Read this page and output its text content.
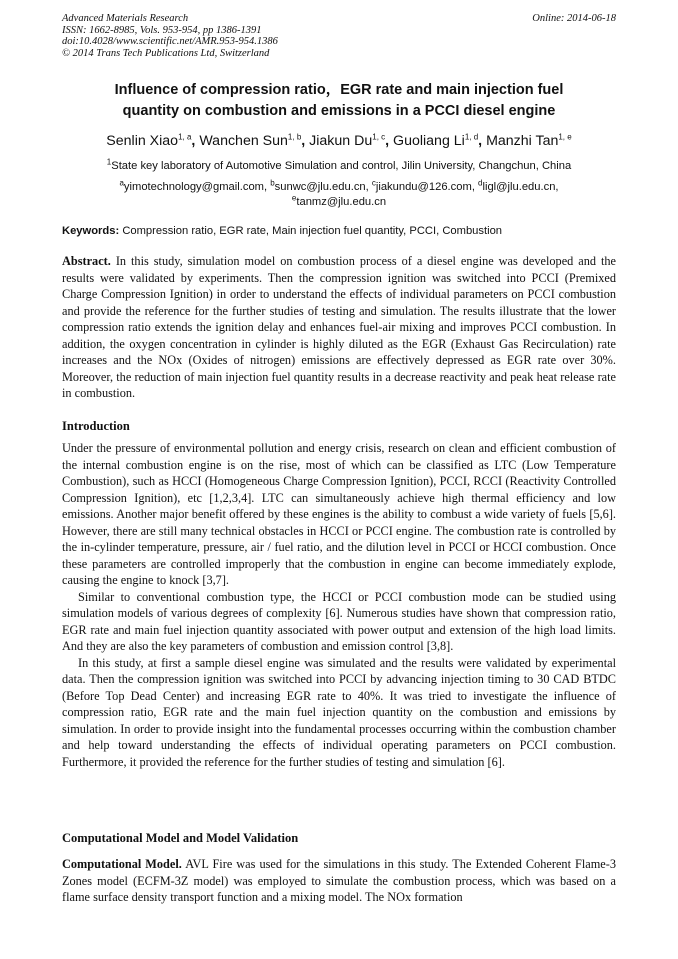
Advanced Materials Research
ISSN: 1662-8985, Vols. 953-954, pp 1386-1391
doi:10.4028/www.scientific.net/AMR.953-954.1386
© 2014 Trans Tech Publications Ltd, Switzerland
Online: 2014-06-18
Influence of compression ratio，EGR rate and main injection fuel
quantity on combustion and emissions in a PCCI diesel engine
Senlin Xiao$^{1, a}$, Wanchen Sun$^{1, b}$, Jiakun Du$^{1, c}$, Guoliang Li$^{1, d}$, Manzhi Tan$^{1, e}$
$^1$State key laboratory of Automotive Simulation and control, Jilin University, Changchun, China
$^a$yimotechnology@gmail.com, $^b$sunwc@jlu.edu.cn, $^c$jiakundu@126.com, $^d$ligl@jlu.edu.cn,
$^e$tanmz@jlu.edu.cn
Keywords: Compression ratio, EGR rate, Main injection fuel quantity, PCCI, Combustion

Abstract. In this study, simulation model on combustion process of a diesel engine was developed and the results were validated by experiments. Then the compression ignition was switched into PCCI (Premixed Charge Compression Ignition) in order to understand the effects of individual parameters on PCCI combustion and provide the reference for the further studies of testing and simulation. The results illustrate that the lower compression ratio extends the ignition delay and enhances fuel-air mixing and improves PCCI combustion. In addition, the oxygen concentration in cylinder is highly diluted as the EGR (Exhaust Gas Recirculation) rate increases and the NOx (Oxides of nitrogen) emissions are effectively depressed as EGR rate over 30%. Moreover, the reduction of main injection fuel quantity results in a decrease reactivity and peak heat release rate in combustion.

Introduction

Under the pressure of environmental pollution and energy crisis, research on clean and efficient combustion of the internal combustion engine is on the rise, most of which can be classified as LTC (Low Temperature Combustion), such as HCCI (Homogeneous Charge Compression Ignition), PCCI, RCCI (Reactivity Controlled Compression Ignition), etc [1,2,3,4]. LTC can simultaneously achieve high thermal efficiency and low emissions. Another major benefit offered by these engines is the ability to combust a wide variety of fuels [5,6]. However, there are still many technical obstacles in HCCI or PCCI engine. The combustion rate is controlled by the in-cylinder temperature, pressure, air / fuel ratio, and the dilution level in PCCI or HCCI combustion. Once these parameters are controlled improperly that the combustion in engine can become immediately explode, causing the engine to knock [3,7].

Similar to conventional combustion type, the HCCI or PCCI combustion mode can be studied using simulation models of various degrees of complexity [6]. Numerous studies have shown that compression ratio, EGR rate and main fuel injection quantity associated with power output and extension of the high load limits. And they are also the key parameters of combustion and emission control [3,8].

In this study, at first a sample diesel engine was simulated and the results were validated by experimental data. Then the compression ignition was switched into PCCI by advancing injection timing to 30 CAD BTDC (Before Top Dead Center) and increasing EGR rate to 40%. It was tried to investigate the influence of compression ratio, EGR rate and the main fuel injection quantity on the combustion and emissions by simulation. In order to provide insight into the fundamental processes occurring within the combustion chamber and help toward understanding the effects of individual operating parameters on PCCI combustion. Furthermore, it provided the reference for the further studies of testing and simulation [6].

Computational Model and Model Validation

Computational Model. AVL Fire was used for the simulations in this study. The Extended Coherent Flame-3 Zones model (ECFM-3Z model) was employed to simulate the combustion process, which was based on a flame surface density transport function and a mixing model. The NOx formation
